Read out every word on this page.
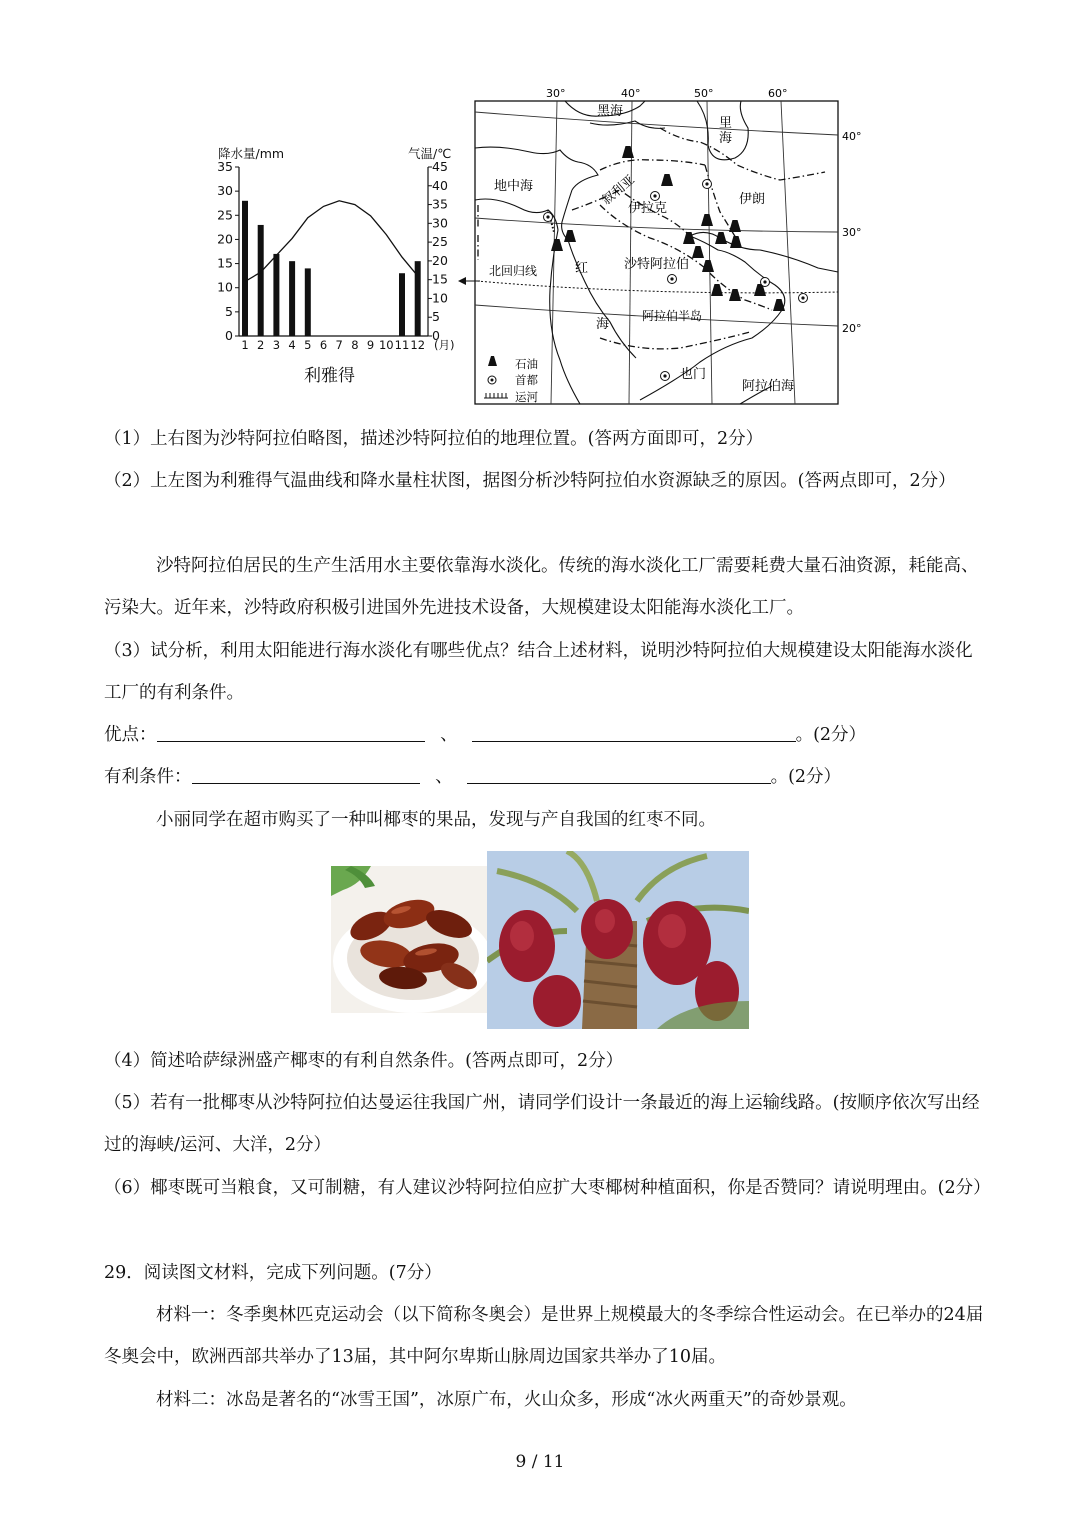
降水量/mm	气温/℃
0
5
10
15
20
25
30
35
0
5
10
15
20
25
30
35
40
45
1 2 3 4 5 6 7 8 9 10 11 12 (月)
利雅得
30°	40°	50°	60°
40°
30°
20°
黑海
里
海
地中海	叙利亚
伊拉克
伊朗
北回归线	红
海
沙特阿拉伯
阿拉伯半岛
也门
阿拉伯海
石油
首都
运河

（1）上右图为沙特阿拉伯略图，描述沙特阿拉伯的地理位置。(答两方面即可，2分）

（2）上左图为利雅得气温曲线和降水量柱状图，据图分析沙特阿拉伯水资源缺乏的原因。(答两点即可，2分）

沙特阿拉伯居民的生产生活用水主要依靠海水淡化。传统的海水淡化工厂需要耗费大量石油资源，耗能高、污染大。近年来，沙特政府积极引进国外先进技术设备，大规模建设太阳能海水淡化工厂。

（3）试分析，利用太阳能进行海水淡化有哪些优点？结合上述材料，说明沙特阿拉伯大规模建设太阳能海水淡化工厂的有利条件。

优点：	、	。(2分）
有利条件：	、	。(2分）

小丽同学在超市购买了一种叫椰枣的果品，发现与产自我国的红枣不同。

（4）简述哈萨绿洲盛产椰枣的有利自然条件。(答两点即可，2分）

（5）若有一批椰枣从沙特阿拉伯达曼运往我国广州，请同学们设计一条最近的海上运输线路。(按顺序依次写出经过的海峡/运河、大洋，2分）

（6）椰枣既可当粮食，又可制糖，有人建议沙特阿拉伯应扩大枣椰树种植面积，你是否赞同？请说明理由。(2分）

29．阅读图文材料，完成下列问题。(7分）

材料一：冬季奥林匹克运动会（以下简称冬奥会）是世界上规模最大的冬季综合性运动会。在已举办的24届冬奥会中，欧洲西部共举办了13届，其中阿尔卑斯山脉周边国家共举办了10届。

材料二：冰岛是著名的“冰雪王国”，冰原广布，火山众多，形成“冰火两重天”的奇妙景观。

9 / 11
